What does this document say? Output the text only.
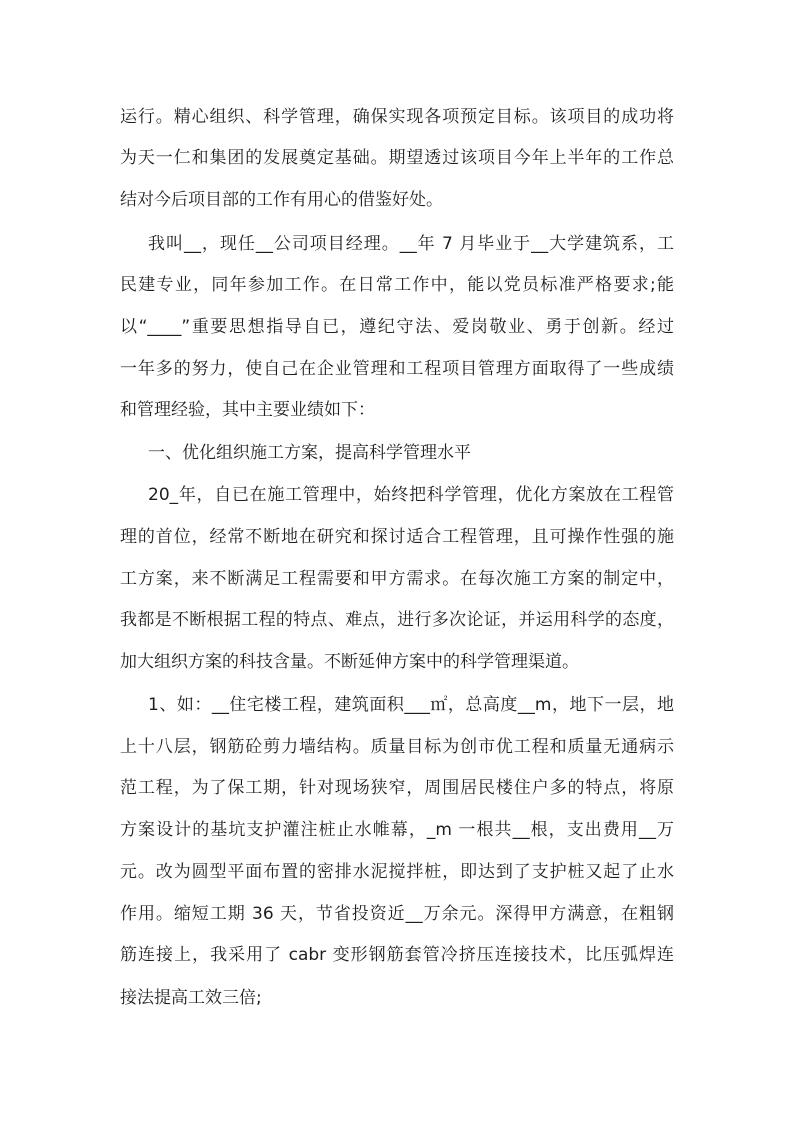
运行。精心组织、科学管理，确保实现各项预定目标。该项目的成功将
为天一仁和集团的发展奠定基础。期望透过该项目今年上半年的工作总
结对今后项目部的工作有用心的借鉴好处。
我叫__，现任__公司项目经理。__年 7 月毕业于__大学建筑系，工
民建专业，同年参加工作。在日常工作中，能以党员标准严格要求;能
以“____”重要思想指导自已，遵纪守法、爱岗敬业、勇于创新。经过
一年多的努力，使自己在企业管理和工程项目管理方面取得了一些成绩
和管理经验，其中主要业绩如下：
一、优化组织施工方案，提高科学管理水平
20_年，自已在施工管理中，始终把科学管理，优化方案放在工程管
理的首位，经常不断地在研究和探讨适合工程管理，且可操作性强的施
工方案，来不断满足工程需要和甲方需求。在每次施工方案的制定中，
我都是不断根据工程的特点、难点，进行多次论证，并运用科学的态度，
加大组织方案的科技含量。不断延伸方案中的科学管理渠道。
1、如：__住宅楼工程，建筑面积___㎡，总高度__m，地下一层，地
上十八层，钢筋砼剪力墙结构。质量目标为创市优工程和质量无通病示
范工程，为了保工期，针对现场狭窄，周围居民楼住户多的特点，将原
方案设计的基坑支护灌注桩止水帷幕，_m 一根共__根，支出费用__万
元。改为圆型平面布置的密排水泥搅拌桩，即达到了支护桩又起了止水
作用。缩短工期 36 天，节省投资近__万余元。深得甲方满意，在粗钢
筋连接上，我采用了 cabr 变形钢筋套管冷挤压连接技术，比压弧焊连
接法提高工效三倍;
